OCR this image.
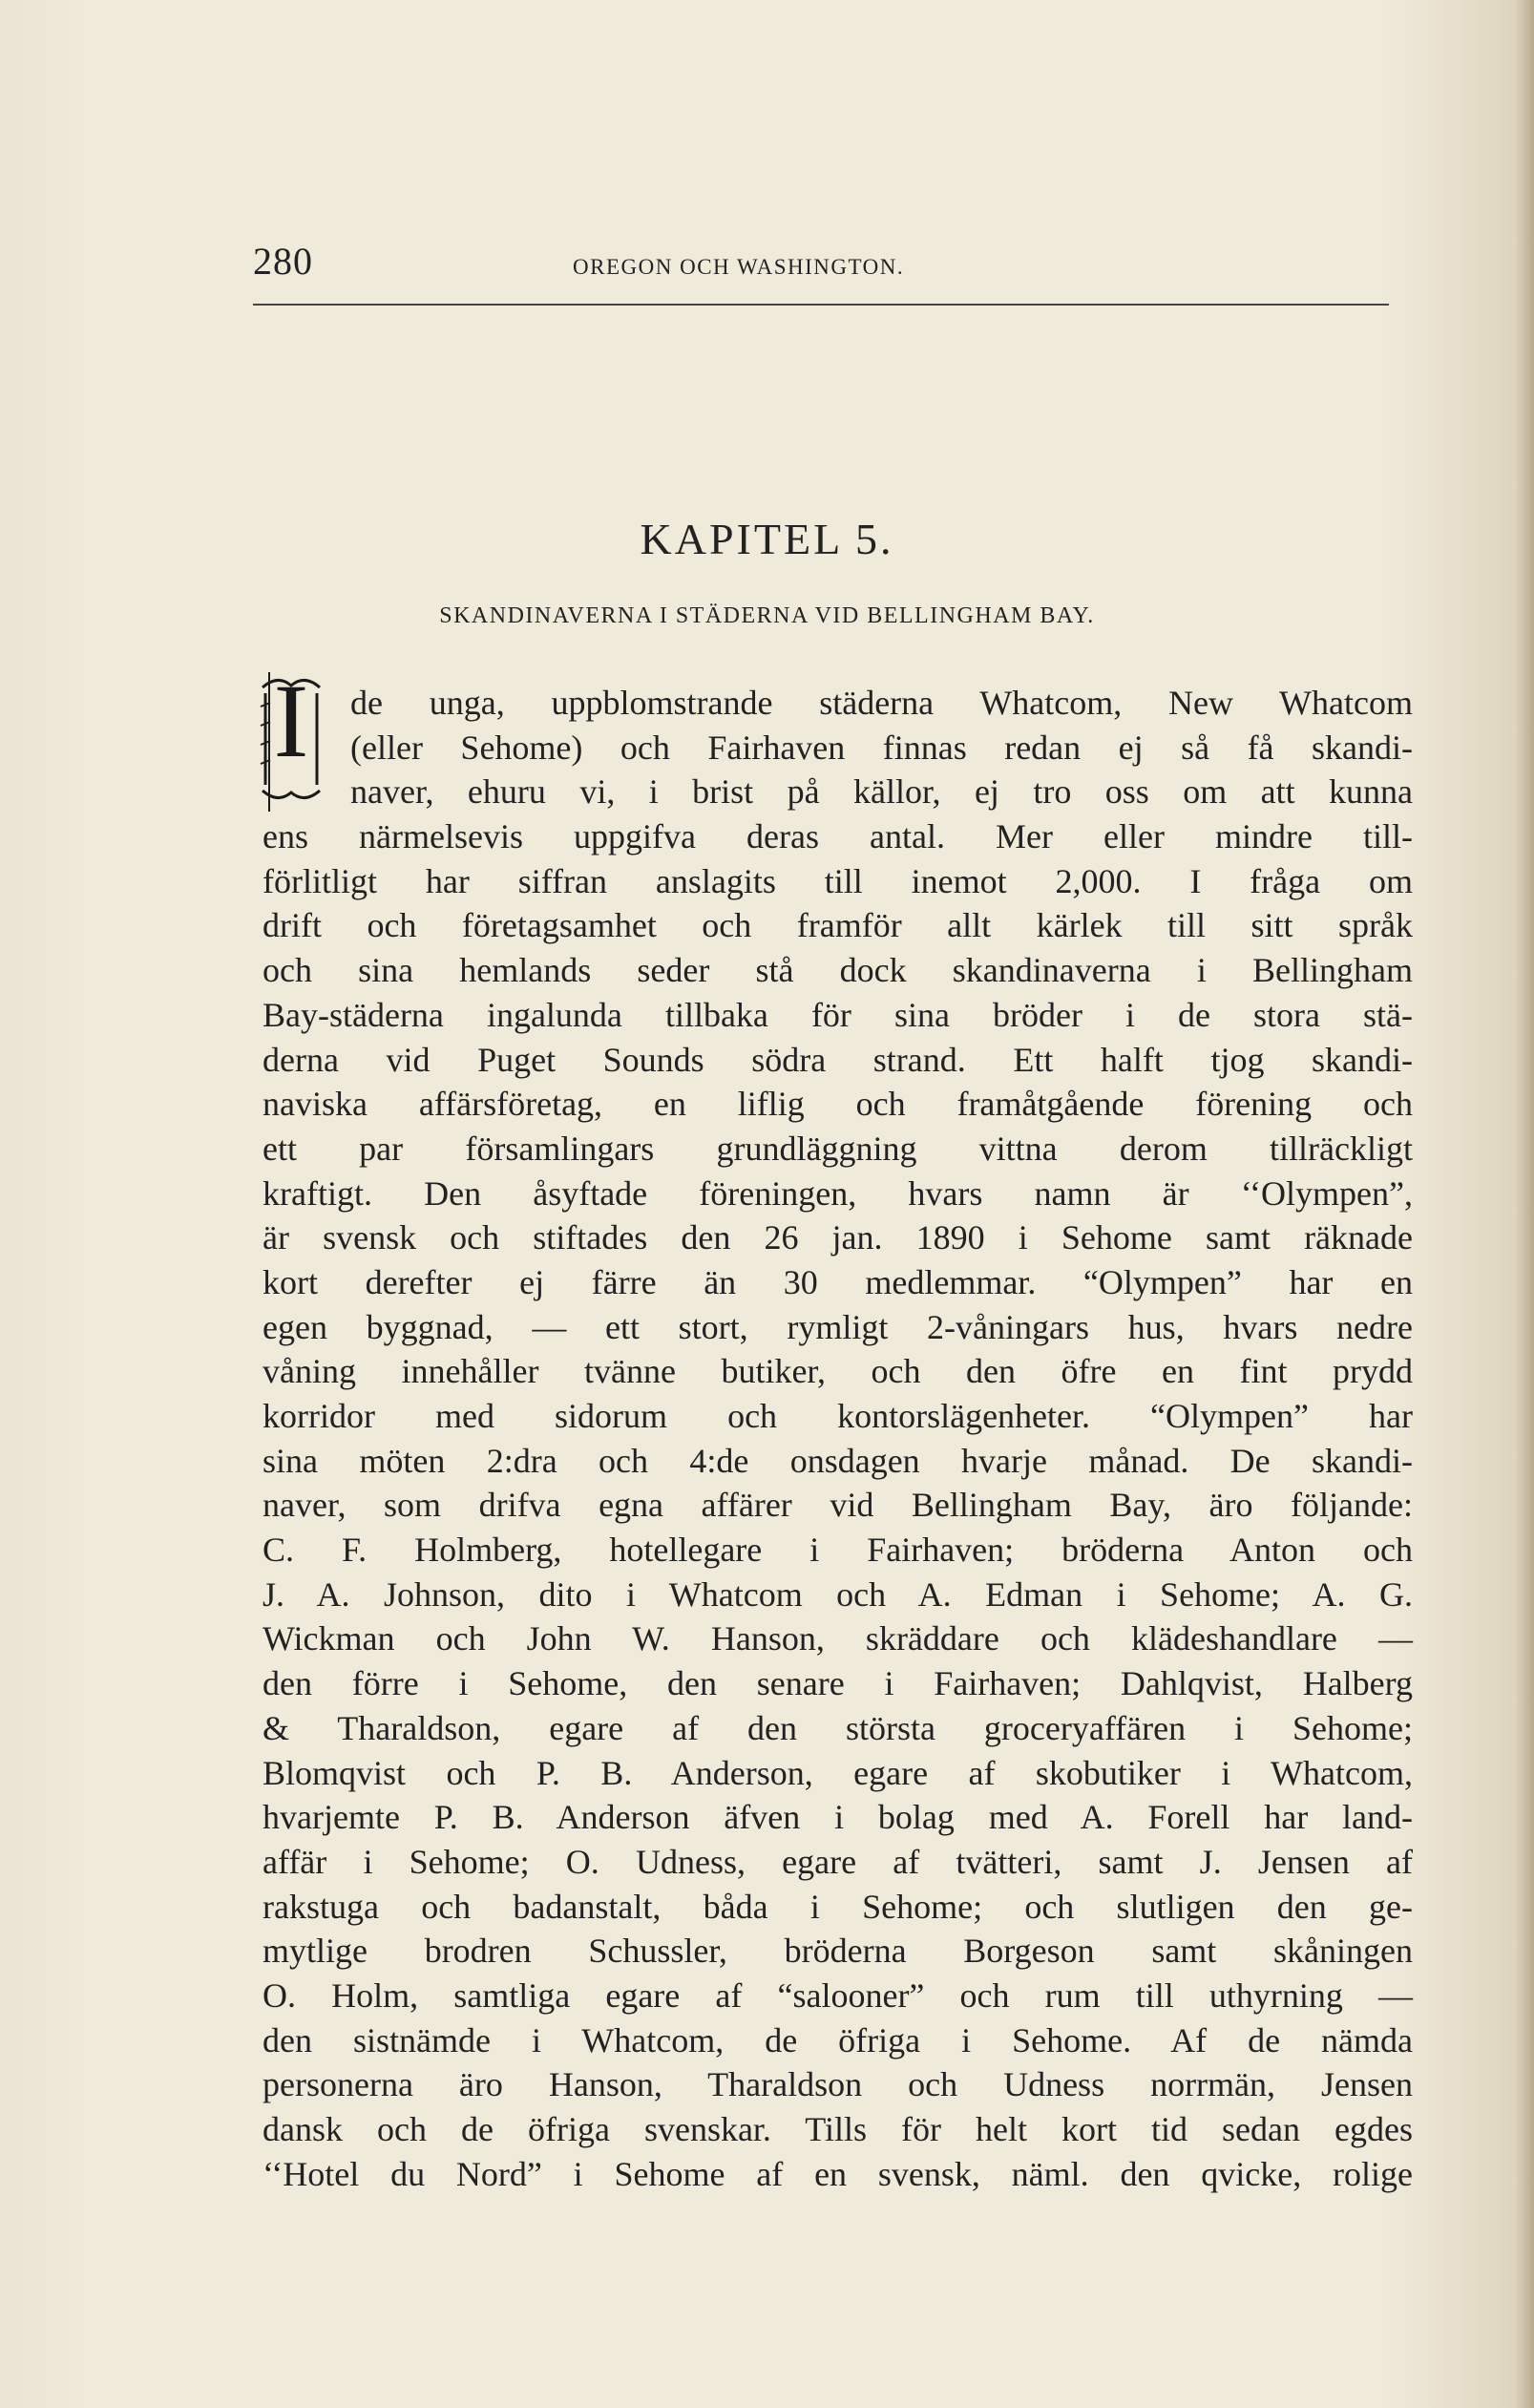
280	OREGON OCH WASHINGTON.
KAPITEL 5.
SKANDINAVERNA I STÄDERNA VID BELLINGHAM BAY.
I	de unga, uppblomstrande städerna Whatcom, New Whatcom
(eller Sehome) och Fairhaven finnas redan ej så få skandi-
naver, ehuru vi, i brist på källor, ej tro oss om att kunna
ens närmelsevis uppgifva deras antal. Mer eller mindre till-
förlitligt har siffran anslagits till inemot 2,000. I fråga om
drift och företagsamhet och framför allt kärlek till sitt språk
och sina hemlands seder stå dock skandinaverna i Bellingham
Bay-städerna ingalunda tillbaka för sina bröder i de stora stä-
derna vid Puget Sounds södra strand. Ett halft tjog skandi-
naviska affärsföretag, en liflig och framåtgående förening och
ett par församlingars grundläggning vittna derom tillräckligt
kraftigt. Den åsyftade föreningen, hvars namn är ‘‘Olympen”,
är svensk och stiftades den 26 jan. 1890 i Sehome samt räknade
kort derefter ej färre än 30 medlemmar. “Olympen” har en
egen byggnad, — ett stort, rymligt 2-våningars hus, hvars nedre
våning innehåller tvänne butiker, och den öfre en fint prydd
korridor med sidorum och kontorslägenheter. “Olympen” har
sina möten 2:dra och 4:de onsdagen hvarje månad. De skandi-
naver, som drifva egna affärer vid Bellingham Bay, äro följande:
C. F. Holmberg, hotellegare i Fairhaven; bröderna Anton och
J. A. Johnson, dito i Whatcom och A. Edman i Sehome; A. G.
Wickman och John W. Hanson, skräddare och klädeshandlare —
den förre i Sehome, den senare i Fairhaven; Dahlqvist, Halberg
& Tharaldson, egare af den största groceryaffären i Sehome;
Blomqvist och P. B. Anderson, egare af skobutiker i Whatcom,
hvarjemte P. B. Anderson äfven i bolag med A. Forell har land-
affär i Sehome; O. Udness, egare af tvätteri, samt J. Jensen af
rakstuga och badanstalt, båda i Sehome; och slutligen den ge-
mytlige brodren Schussler, bröderna Borgeson samt skåningen
O. Holm, samtliga egare af “salooner” och rum till uthyrning —
den sistnämde i Whatcom, de öfriga i Sehome. Af de nämda
personerna äro Hanson, Tharaldson och Udness norrmän, Jensen
dansk och de öfriga svenskar. Tills för helt kort tid sedan egdes
‘‘Hotel du Nord” i Sehome af en svensk, näml. den qvicke, rolige
